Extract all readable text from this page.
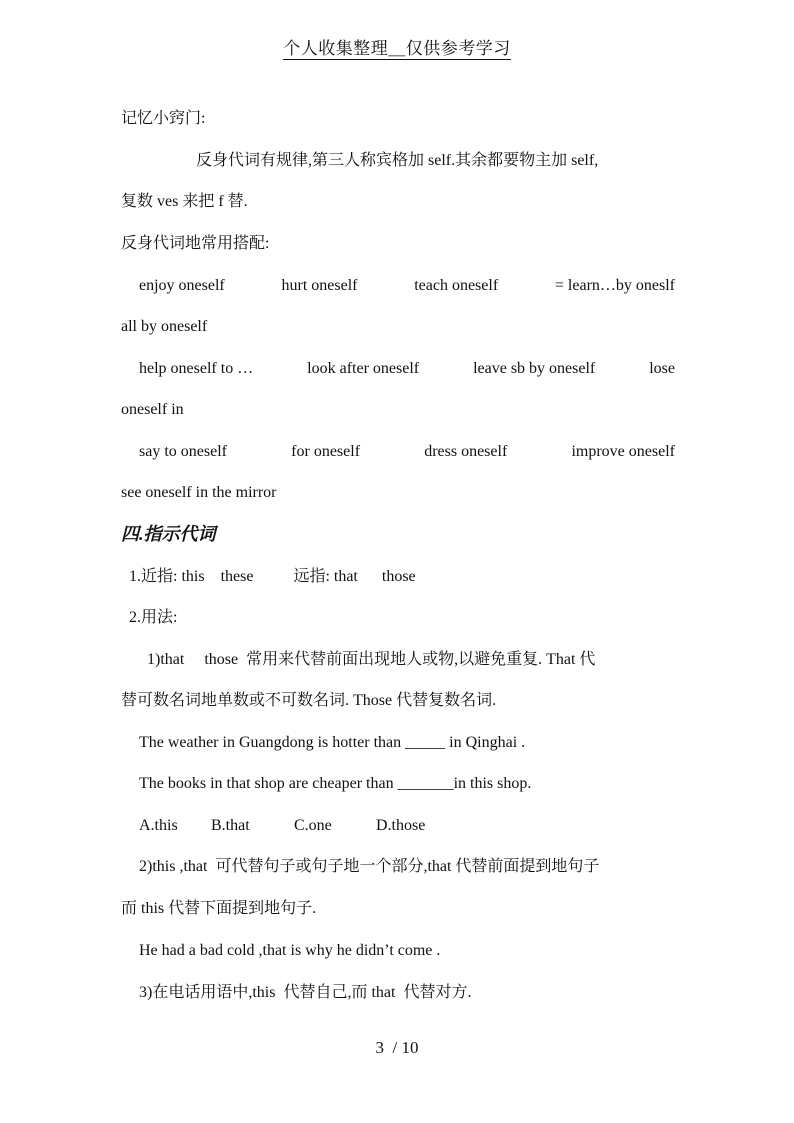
个人收集整理＿仅供参考学习
记忆小窍门:
反身代词有规律,第三人称宾格加 self.其余都要物主加 self,
复数 ves 来把 f 替.
反身代词地常用搭配:
enjoy oneself	hurt oneself	teach oneself	= learn…by oneslf
all by oneself
help oneself to …	look after oneself	leave sb by oneself	lose
oneself in
say to oneself	for oneself	dress oneself	improve oneself
see oneself in the mirror
四.指示代词
1.近指: this    these          远指: that      those
2.用法:
1)that     those  常用来代替前面出现地人或物,以避免重复. That 代
替可数名词地单数或不可数名词. Those 代替复数名词.
The weather in Guangdong is hotter than _____ in Qinghai .
The books in that shop are cheaper than _______in this shop.
A.this B.that	C.one	D.those
2)this ,that  可代替句子或句子地一个部分,that 代替前面提到地句子
而 this 代替下面提到地句子.
He had a bad cold ,that is why he didn’t come .
3)在电话用语中,this  代替自己,而 that  代替对方.
3  / 10
